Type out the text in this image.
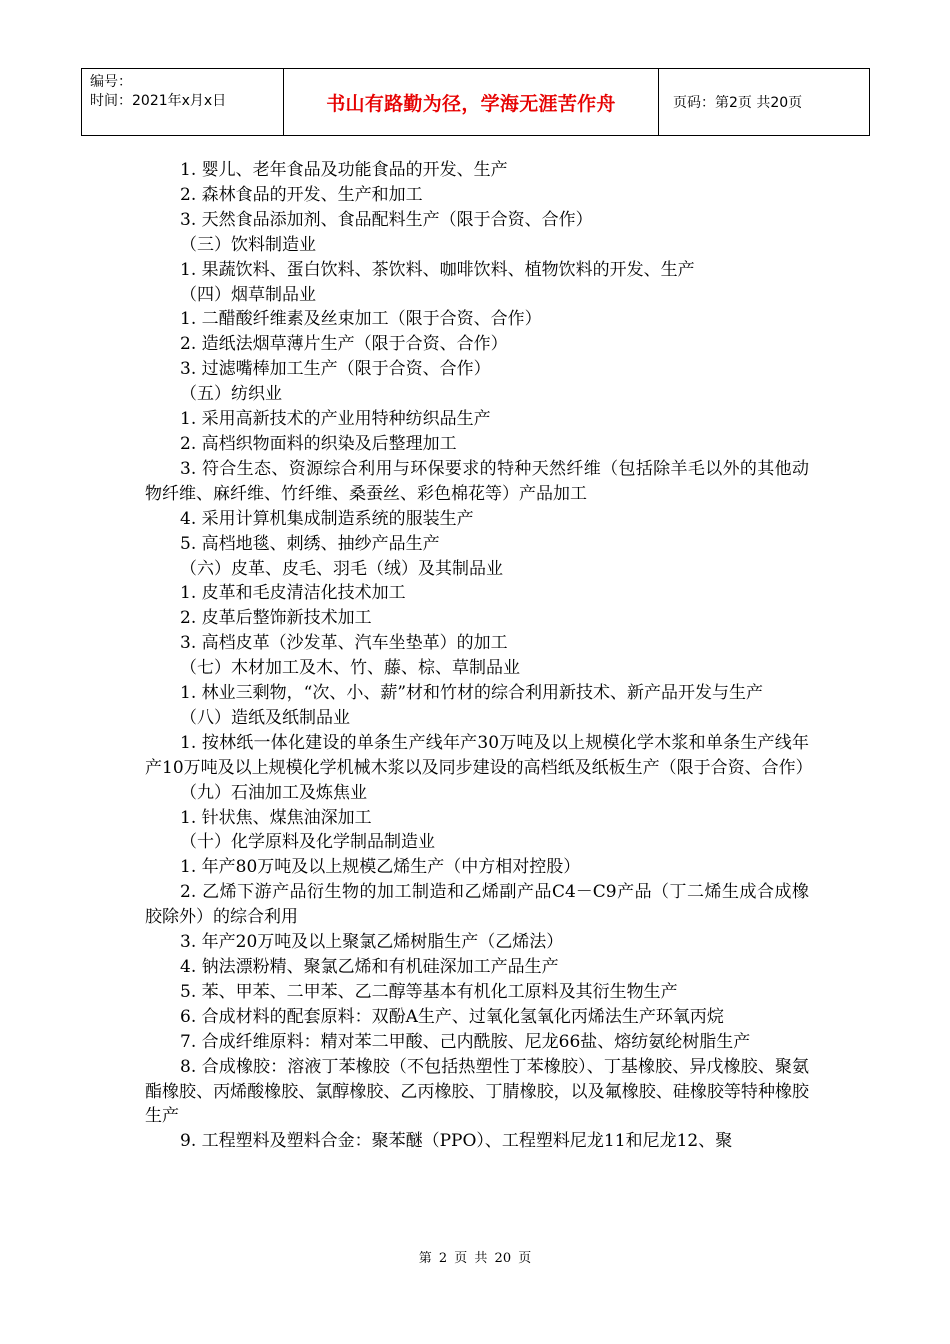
编号：
时间：2021年x月x日	书山有路勤为径，学海无涯苦作舟	页码：第2页 共20页

1. 婴儿、老年食品及功能食品的开发、生产

2. 森林食品的开发、生产和加工

3. 天然食品添加剂、食品配料生产（限于合资、合作）

（三）饮料制造业

1. 果蔬饮料、蛋白饮料、茶饮料、咖啡饮料、植物饮料的开发、生产

（四）烟草制品业

1. 二醋酸纤维素及丝束加工（限于合资、合作）

2. 造纸法烟草薄片生产（限于合资、合作）

3. 过滤嘴棒加工生产（限于合资、合作）

（五）纺织业

1. 采用高新技术的产业用特种纺织品生产

2. 高档织物面料的织染及后整理加工

3. 符合生态、资源综合利用与环保要求的特种天然纤维（包括除羊毛以外的其他动物纤维、麻纤维、竹纤维、桑蚕丝、彩色棉花等）产品加工

4. 采用计算机集成制造系统的服装生产

5. 高档地毯、刺绣、抽纱产品生产

（六）皮革、皮毛、羽毛（绒）及其制品业

1. 皮革和毛皮清洁化技术加工

2. 皮革后整饰新技术加工

3. 高档皮革（沙发革、汽车坐垫革）的加工

（七）木材加工及木、竹、藤、棕、草制品业

1. 林业三剩物，“次、小、薪”材和竹材的综合利用新技术、新产品开发与生产

（八）造纸及纸制品业

1. 按林纸一体化建设的单条生产线年产30万吨及以上规模化学木浆和单条生产线年产10万吨及以上规模化学机械木浆以及同步建设的高档纸及纸板生产（限于合资、合作）

（九）石油加工及炼焦业

1. 针状焦、煤焦油深加工

（十）化学原料及化学制品制造业

1. 年产80万吨及以上规模乙烯生产（中方相对控股）

2. 乙烯下游产品衍生物的加工制造和乙烯副产品C4－C9产品（丁二烯生成合成橡胶除外）的综合利用

3. 年产20万吨及以上聚氯乙烯树脂生产（乙烯法）

4. 钠法漂粉精、聚氯乙烯和有机硅深加工产品生产

5. 苯、甲苯、二甲苯、乙二醇等基本有机化工原料及其衍生物生产

6. 合成材料的配套原料：双酚A生产、过氧化氢氧化丙烯法生产环氧丙烷

7. 合成纤维原料：精对苯二甲酸、己内酰胺、尼龙66盐、熔纺氨纶树脂生产

8. 合成橡胶：溶液丁苯橡胶（不包括热塑性丁苯橡胶）、丁基橡胶、异戊橡胶、聚氨酯橡胶、丙烯酸橡胶、氯醇橡胶、乙丙橡胶、丁腈橡胶，以及氟橡胶、硅橡胶等特种橡胶生产

9. 工程塑料及塑料合金：聚苯醚（PPO）、工程塑料尼龙11和尼龙12、聚

第 2 页 共 20 页
